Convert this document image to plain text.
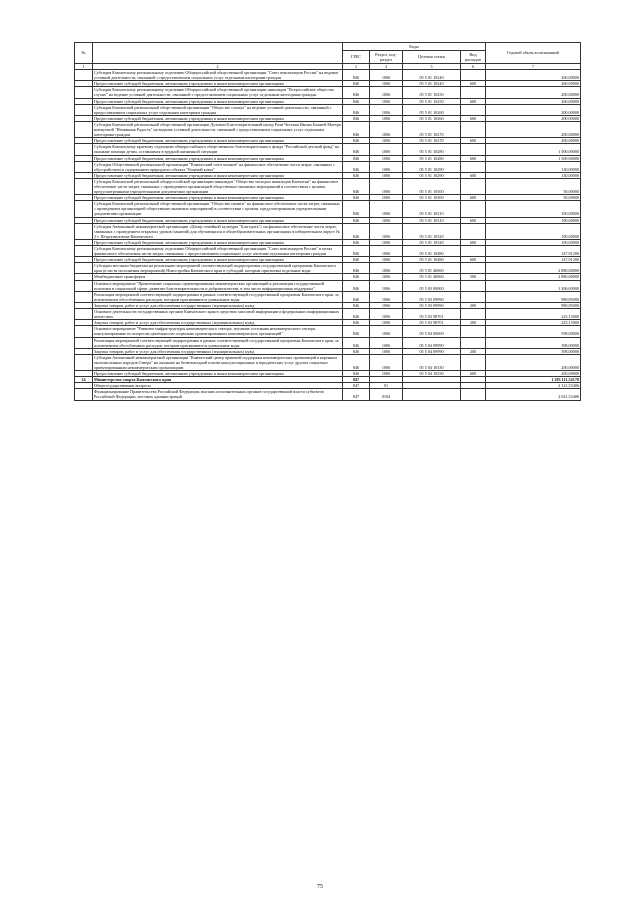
№		Коды				Годовой объем ассигнований
		ГРБС	Раздел, под-раздел	Целевая статья	Вид расходов	
1	2	3	4	5	6	7
	Субсидия Камчатскому региональному отделению Общероссийской общественной организации "Союз пенсионеров России" на ведение уставной деятельности, связанной с предоставлением социальных услуг отдельным категориям граждан	846	1006	05 5 01 10240		200,00000
	Предоставление субсидий бюджетным, автономным учреждениям и иным некоммерческим организациям	846	1006	05 5 01 10240	600	200,00000
	Субсидия Камчатскому региональному отделению Общероссийской общественной организации инвалидов "Всероссийское общество глухих" на ведение уставной деятельности, связанной с предоставлением социальных услуг отдельным категориям граждан	846	1006	05 5 01 10250		200,00000
	Предоставление субсидий бюджетным, автономным учреждениям и иным некоммерческим организациям	846	1006	05 5 01 10250	600	200,00000
	Субсидия Камчатской региональной общественной организации "Общество слепых" на ведение уставной деятельности, связанной с предоставлением социальных услуг отдельным категориям граждан	846	1006	05 5 01 10260		200,00000
	Предоставление субсидий бюджетным, автономным учреждениям и иным некоммерческим организациям	846	1006	05 5 01 10260	600	200,00000
	Субсидия Камчатской региональной общественной организации Духовно-Благотворительный центр Рали Честная Иконы Божией Матери именуемой "Нечаянная Радость" на ведение уставной деятельности, связанной с предоставлением социальных услуг отдельным категориям граждан	846	1006	05 5 01 10270		200,00000
	Предоставление субсидий бюджетным, автономным учреждениям и иным некоммерческим организациям	846	1006	05 5 01 10270	600	200,00000
	Субсидия Камчатскому краевому отделению общероссийского общественного благотворительного фонда "Российский детский фонд" на оказание помощи детям, оставшимся в трудной жизненной ситуации	846	1006	05 5 01 10280		1 500,00000
	Предоставление субсидий бюджетным, автономным учреждениям и иным некоммерческим организациям	846	1006	05 5 01 10280	600	1 500,00000
	Субсидия Общественной региональной организации "Камчатский союз казаков" на финансовое обеспечение части затрат, связанных с обустройством и содержанием природного объекта "Казачий ключ"	846	1006	05 5 01 10290		130,00000
	Предоставление субсидий бюджетным, автономным учреждениям и иным некоммерческим организациям	846	1006	05 5 01 10290	600	130,00000
	Субсидия Камчатской региональной общероссийской организации инвалидов "Общество молодых инвалидов Камчатки" на финансовое обеспечение части затрат, связанных с проведением организацией общественно-значимых мероприятий в соответствии с целями, предусмотренными учредительными документами организации	846	1006	05 5 01 10300		50,00000
	Предоставление субсидий бюджетным, автономным учреждениям и иным некоммерческим организациям	846	1006	05 5 01 10300	600	50,00000
	Субсидия Камчатской региональной общественной организации "Общество памяти" на финансовое обеспечение части затрат, связанных с проведением организацией общественно-значимых мероприятий в соответствии с целями, предусмотренными учредительными документами организации	846	1006	05 5 01 10310		100,00000
	Предоставление субсидий бюджетным, автономным учреждениям и иным некоммерческим организациям	846	1006	05 5 01 10310	600	100,00000
	Субсидия Автономной некоммерческой организации «Центр семейной культуры "Благодать"» на финансовое обеспечение части затрат, связанных с проведением открытых уроков (занятий) для обучающихся в общеобразовательных организациях в избирательном округе № 2 г. Петропавловска-Камчатского	846	1006	05 5 01 10320		100,00000
	Предоставление субсидий бюджетным, автономным учреждениям и иным некоммерческим организациям	846	1006	05 5 01 10320	600	100,00000
	Субсидия Камчатскому региональному отделению Общероссийской общественной организации "Союз пенсионеров России" в целях финансового обеспечения части затрат, связанных с предоставлением социальных услуг жителям отдельным категориям граждан	846	1006	05 5 01 10480		147,91200
	Предоставление субсидий бюджетным, автономным учреждениям и иным некоммерческим организациям	846	1006	05 5 01 10480	600	147,91200
	Субсидии местным бюджетам на реализацию мероприятий соответствующей подпрограммы государственной программы Камчатского края (в части исполнения мероприятий) Новостройка Камчатского края и субсидий, которым присвоены отдельные коды	846	1006	05 5 01 40060		2 880,00000
	Межбюджетные трансферты	846	1006	05 5 01 40060	500	2 880,00000
	Основное мероприятие "Привлечение социально ориентированных некоммерческих организаций к реализации государственной политики в социальной сфере, развитие благотворительности и добровольчества, в том числе информационная поддержка"	846	1006	05 5 03 00000		1 206,00000
	Реализация мероприятий соответствующей подпрограммы в рамках соответствующей государственной программы Камчатского края, за исключением обособленных расходов, которым присваиваются уникальные коды	846	1006	05 5 03 09990		980,85000
	Закупка товаров, работ и услуг для обеспечения государственных (муниципальных) нужд	846	1006	05 5 03 09990	200	980,85000
	Основное деятельности государственных органов Камчатского края в средствах массовой информации и федеральных информационных агентствах	846	1006	05 5 03 98701		225,15000
	Закупка товаров, работ и услуг для обеспечения государственных (муниципальных) нужд	846	1006	05 5 03 98701	200	225,15000
	Основное мероприятие "Развитие инфраструктуры некоммерческого сектора, изучение состояния некоммерческого сектора, консультирование по вопросам деятельности социально ориентированных некоммерческих организаций"	846	1006	05 5 04 00000		598,00000
	Реализация мероприятий соответствующей подпрограммы в рамках соответствующей государственной программы Камчатского края, за исключением обособленных расходов, которым присваиваются уникальные коды	846	1006	05 5 04 09990		398,00000
	Закупка товаров, работ и услуг для обеспечения государственных (муниципальных) нужд	846	1006	05 5 04 09990	200	398,00000
	Субсидия Автономной некоммерческой организации "Камчатский центр правовой поддержки некоммерческих организаций в коренных малочисленных народов Севера" на оказание на безвозмездной основе консультационных и юридических услуг другим социально ориентированным некоммерческим организациям	846	1006	05 5 04 10330		200,00000
	Предоставление субсидий бюджетным, автономным учреждениям и иным некоммерческим организациям	846	1006	05 5 04 10330	600	200,00000
34	Министерство спорта Камчатского края	847				1 283 111,54178
	Общегосударственные вопросы	847	01			2 121,53406
	Функционирование Правительства Российской Федерации, высших исполнительных органов государственной власти субъектов Российской Федерации, местных администраций	847	0104			2 041,53406
75
